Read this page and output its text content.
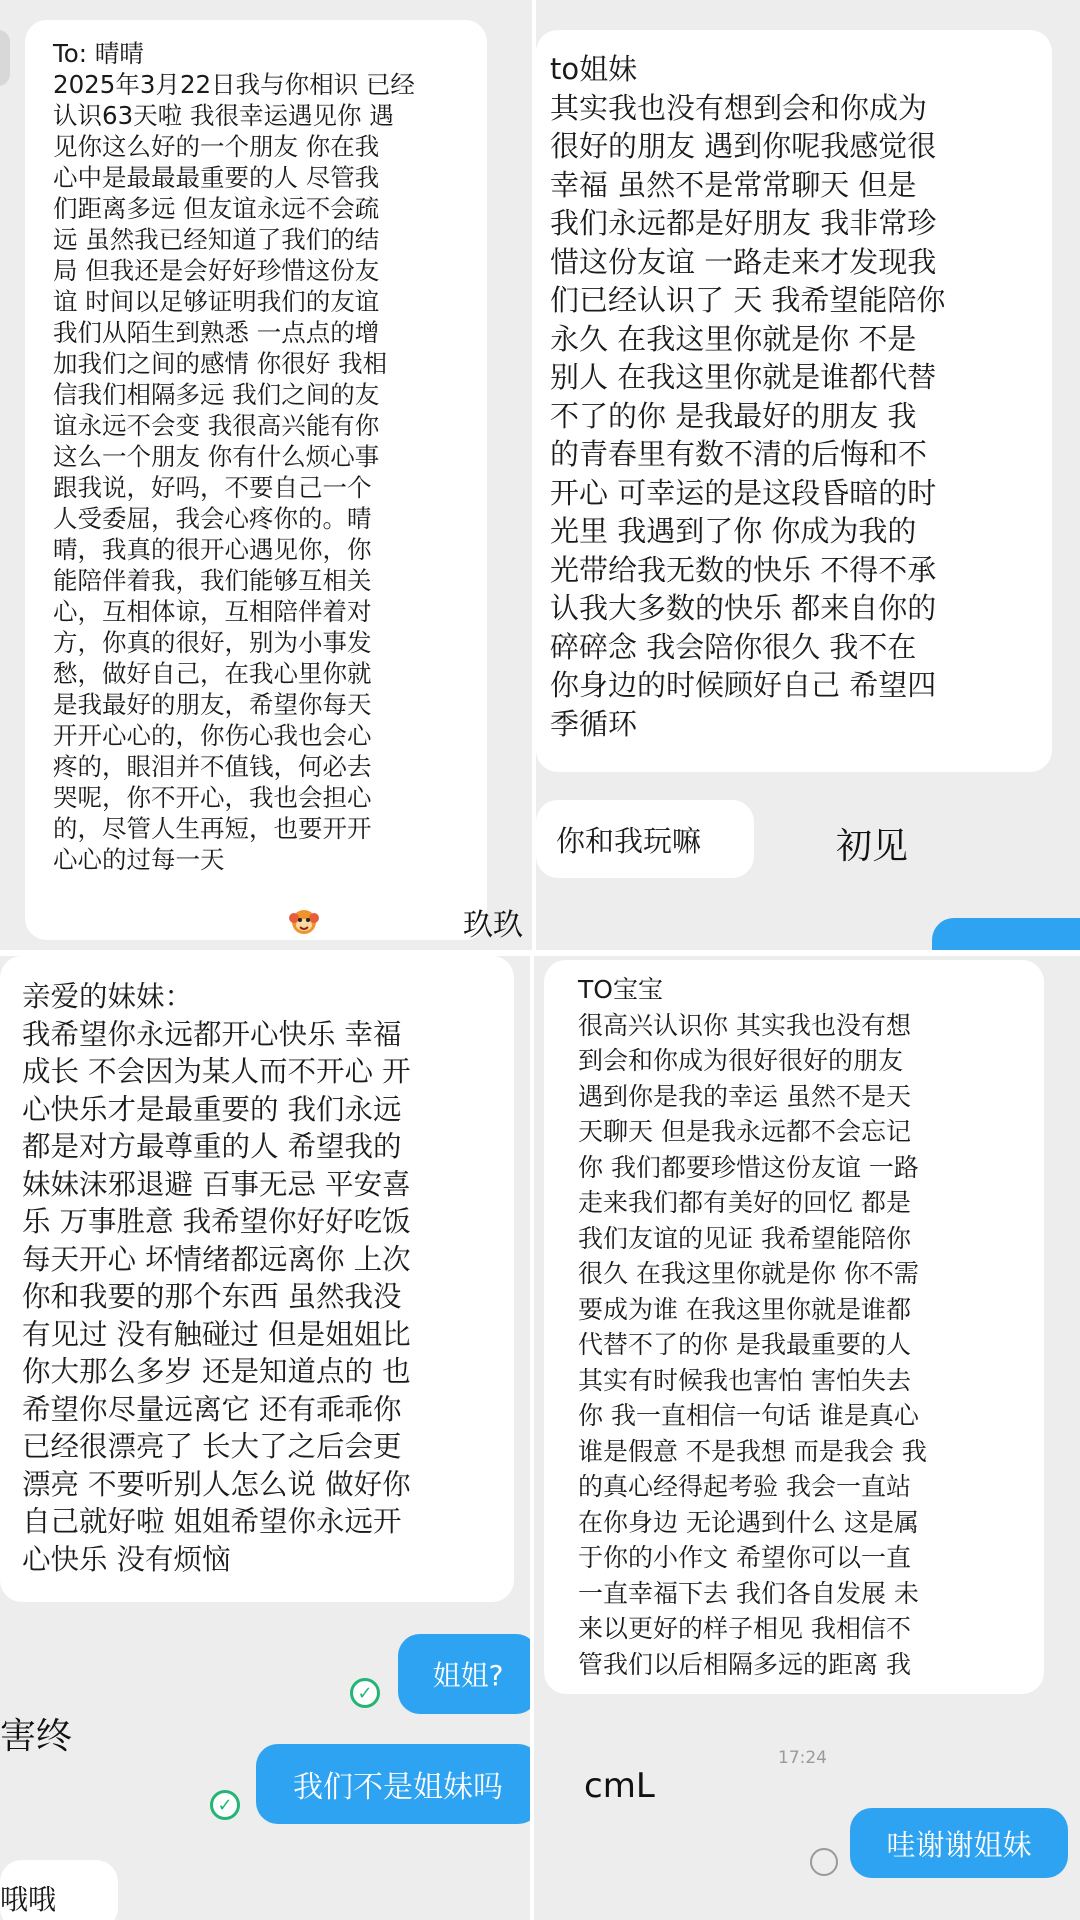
To: 晴晴
2025年3月22日我与你相识 已经
认识63天啦 我很幸运遇见你 遇
见你这么好的一个朋友 你在我
心中是最最最重要的人 尽管我
们距离多远 但友谊永远不会疏
远 虽然我已经知道了我们的结
局 但我还是会好好珍惜这份友
谊 时间以足够证明我们的友谊
我们从陌生到熟悉 一点点的增
加我们之间的感情 你很好 我相
信我们相隔多远 我们之间的友
谊永远不会变 我很高兴能有你
这么一个朋友 你有什么烦心事
跟我说，好吗，不要自己一个
人受委屈，我会心疼你的。晴
晴，我真的很开心遇见你，你
能陪伴着我，我们能够互相关
心，互相体谅，互相陪伴着对
方，你真的很好，别为小事发
愁，做好自己，在我心里你就
是我最好的朋友，希望你每天
开开心心的，你伤心我也会心
疼的，眼泪并不值钱，何必去
哭呢，你不开心，我也会担心
的，尽管人生再短，也要开开
心心的过每一天
玖玖
to姐妹
其实我也没有想到会和你成为
很好的朋友 遇到你呢我感觉很
幸福 虽然不是常常聊天 但是
我们永远都是好朋友 我非常珍
惜这份友谊 一路走来才发现我
们已经认识了 天 我希望能陪你
永久 在我这里你就是你 不是
别人 在我这里你就是谁都代替
不了的你 是我最好的朋友 我
的青春里有数不清的后悔和不
开心 可幸运的是这段昏暗的时
光里 我遇到了你 你成为我的
光带给我无数的快乐 不得不承
认我大多数的快乐 都来自你的
碎碎念 我会陪你很久 我不在
你身边的时候顾好自己 希望四
季循环
你和我玩嘛	初见
亲爱的妹妹：
我希望你永远都开心快乐 幸福
成长 不会因为某人而不开心 开
心快乐才是最重要的 我们永远
都是对方最尊重的人 希望我的
妹妹沫邪退避 百事无忌 平安喜
乐 万事胜意 我希望你好好吃饭
每天开心 坏情绪都远离你 上次
你和我要的那个东西 虽然我没
有见过 没有触碰过 但是姐姐比
你大那么多岁 还是知道点的 也
希望你尽量远离它 还有乖乖你
已经很漂亮了 长大了之后会更
漂亮 不要听别人怎么说 做好你
自己就好啦 姐姐希望你永远开
心快乐 没有烦恼
姐姐?
✓
害终
我们不是姐妹吗
✓
哦哦
TO宝宝
很高兴认识你 其实我也没有想
到会和你成为很好很好的朋友
遇到你是我的幸运 虽然不是天
天聊天 但是我永远都不会忘记
你 我们都要珍惜这份友谊 一路
走来我们都有美好的回忆 都是
我们友谊的见证 我希望能陪你
很久 在我这里你就是你 你不需
要成为谁 在我这里你就是谁都
代替不了的你 是我最重要的人
其实有时候我也害怕 害怕失去
你 我一直相信一句话 谁是真心
谁是假意 不是我想 而是我会 我
的真心经得起考验 我会一直站
在你身边 无论遇到什么 这是属
于你的小作文 希望你可以一直
一直幸福下去 我们各自发展 未
来以更好的样子相见 我相信不
管我们以后相隔多远的距离 我
17:24
cmL
哇谢谢姐妹
